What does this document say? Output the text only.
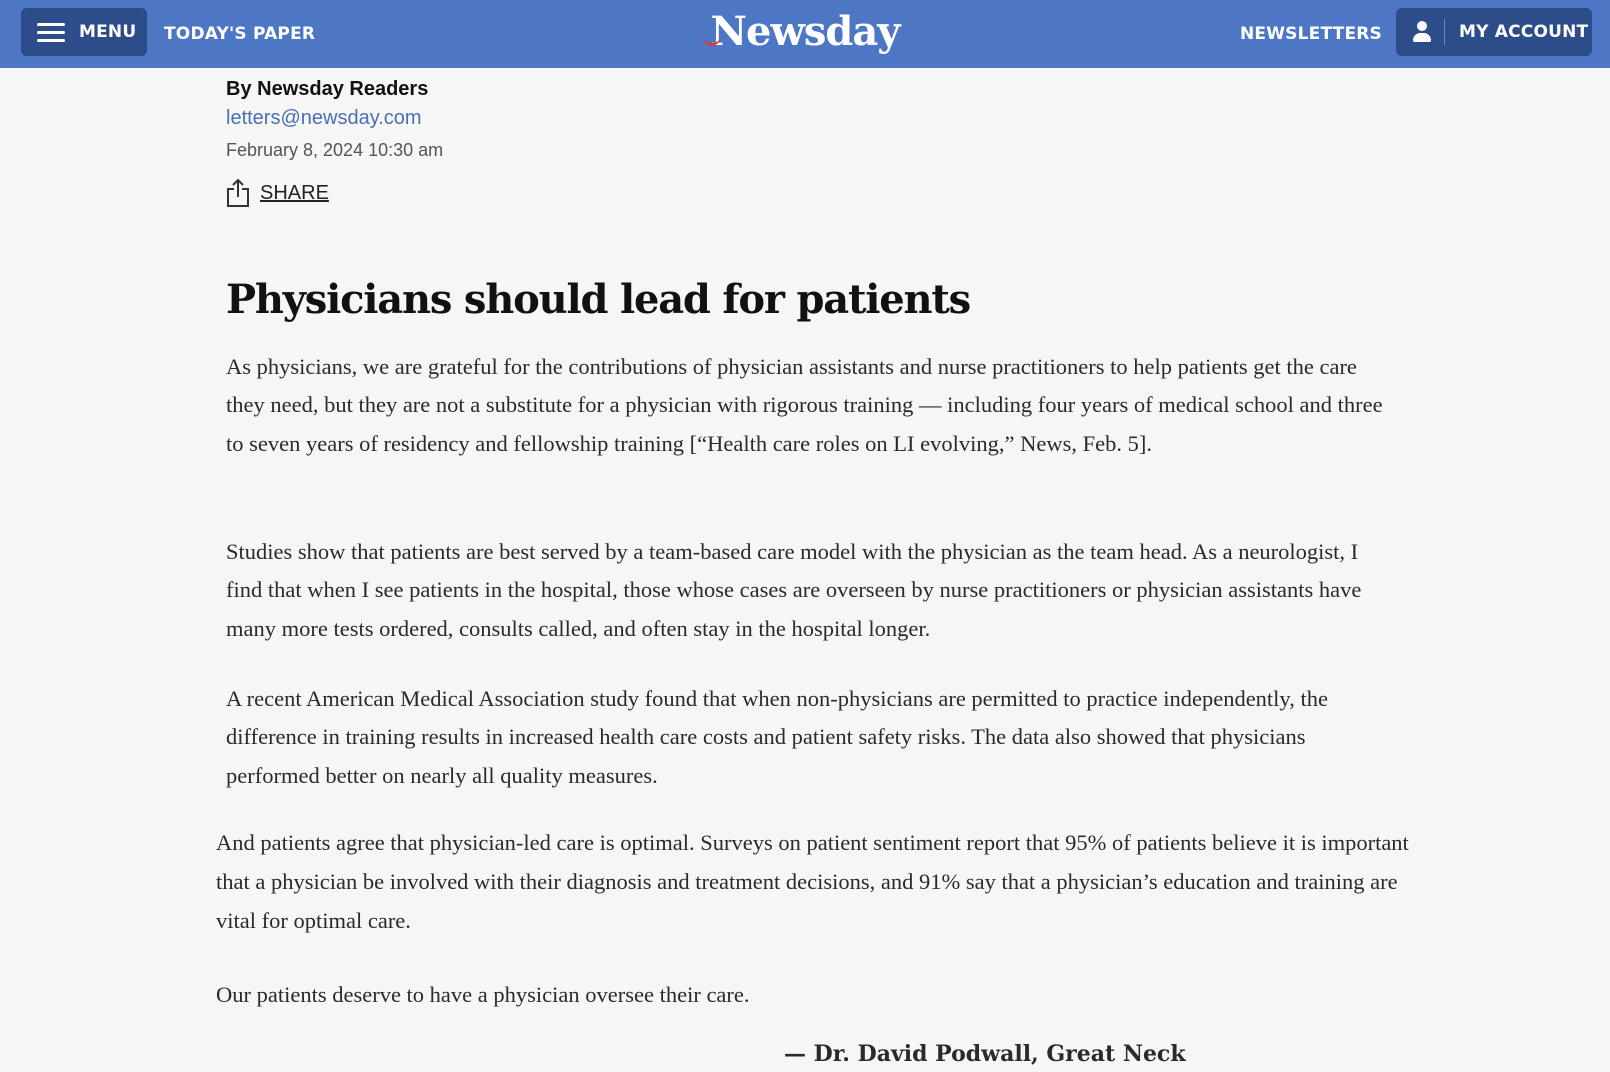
MENU TODAY'S PAPER	Newsday	NEWSLETTERS	MY ACCOUNT
By Newsday Readers
letters@newsday.com
February 8, 2024 10:30 am
SHARE
Physicians should lead for patients

As physicians, we are grateful for the contributions of physician assistants and nurse practitioners to help patients get the care they need, but they are not a substitute for a physician with rigorous training — including four years of medical school and three to seven years of residency and fellowship training [“Health care roles on LI evolving,” News, Feb. 5].

Studies show that patients are best served by a team-based care model with the physician as the team head. As a neurologist, I find that when I see patients in the hospital, those whose cases are overseen by nurse practitioners or physician assistants have many more tests ordered, consults called, and often stay in the hospital longer.

A recent American Medical Association study found that when non-physicians are permitted to practice independently, the difference in training results in increased health care costs and patient safety risks. The data also showed that physicians performed better on nearly all quality measures.

And patients agree that physician-led care is optimal. Surveys on patient sentiment report that 95% of patients believe it is important that a physician be involved with their diagnosis and treatment decisions, and 91% say that a physician’s education and training are vital for optimal care.

Our patients deserve to have a physician oversee their care.

— Dr. David Podwall, Great Neck
